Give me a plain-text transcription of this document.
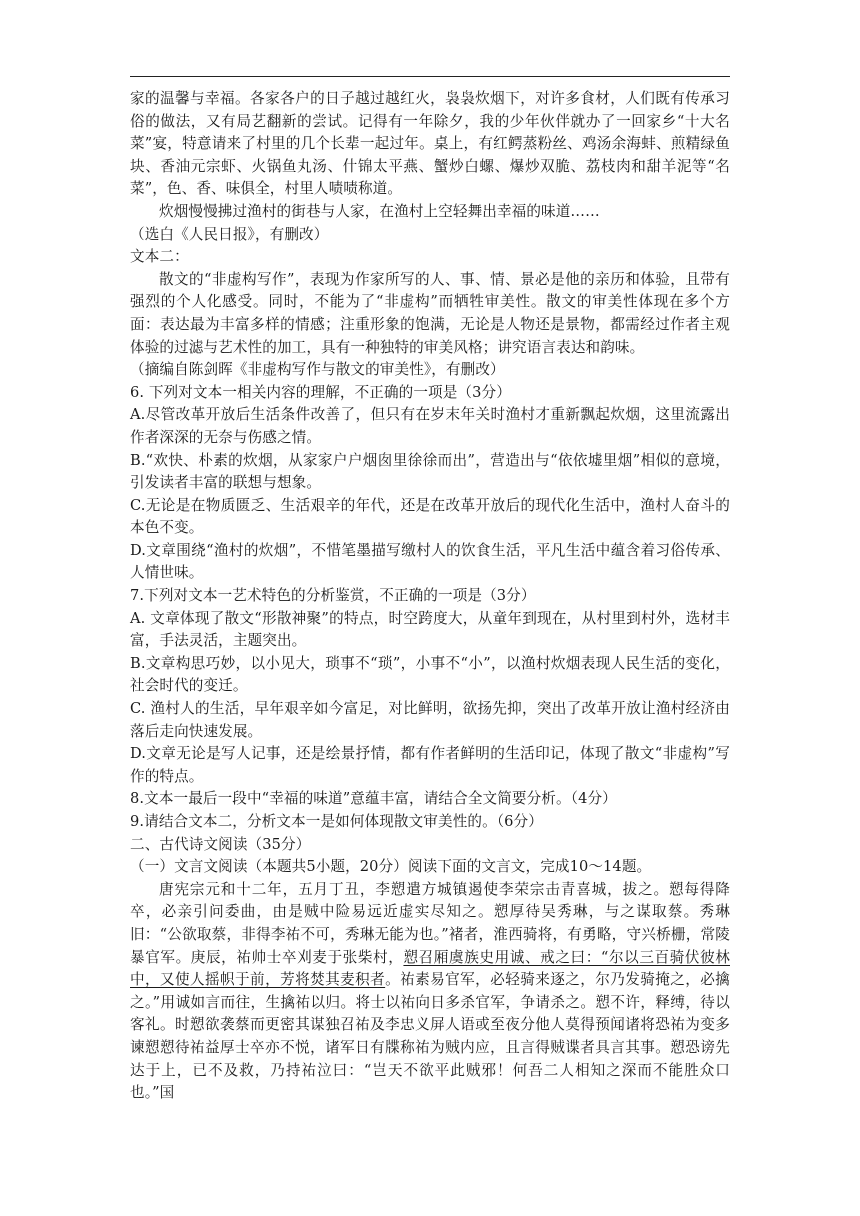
家的温馨与幸福。各家各户的日子越过越红火，袅袅炊烟下，对许多食材，人们既有传承习俗的做法，又有局艺翻新的尝试。记得有一年除夕，我的少年伙伴就办了一回家乡“十大名菜”宴，特意请来了村里的几个长辈一起过年。桌上，有红鳄蒸粉丝、鸡汤余海蚌、煎精绿鱼块、香油元宗虾、火锅鱼丸汤、什锦太平燕、蟹炒白螺、爆炒双脆、荔枝肉和甜羊泥等“名菜”，色、香、味俱全，村里人啧啧称道。

炊烟慢慢拂过渔村的街巷与人家，在渔村上空轻舞出幸福的味道……

（选白《人民日报》，有删改）

文本二：

散文的“非虚构写作”，表现为作家所写的人、事、情、景必是他的亲历和体验，且带有强烈的个人化感受。同时，不能为了“非虚构”而牺牲审美性。散文的审美性体现在多个方面：表达最为丰富多样的情感；注重形象的饱满，无论是人物还是景物，都需经过作者主观体验的过滤与艺术性的加工，具有一种独特的审美风格；讲究语言表达和韵味。

（摘编自陈剑晖《非虚构写作与散文的审美性》，有删改）

6. 下列对文本一相关内容的理解，不正确的一项是（3分）

A.尽管改革开放后生活条件改善了，但只有在岁末年关时渔村才重新飘起炊烟，这里流露出作者深深的无奈与伤感之情。

B.“欢快、朴素的炊烟，从家家户户烟囱里徐徐而出”，营造出与“依依墟里烟”相似的意境，引发读者丰富的联想与想象。

C.无论是在物质匮乏、生活艰辛的年代，还是在改革开放后的现代化生活中，渔村人奋斗的本色不变。

D.文章围绕“渔村的炊烟”，不惜笔墨描写缴村人的饮食生活，平凡生活中蕴含着习俗传承、人情世味。

7.下列对文本一艺术特色的分析鉴赏，不正确的一项是（3分）

A. 文章体现了散文“形散神聚”的特点，时空跨度大，从童年到现在，从村里到村外，选材丰富，手法灵活，主题突出。

B.文章构思巧妙，以小见大，琐事不“琐”，小事不“小”，以渔村炊烟表现人民生活的变化，社会时代的变迁。

C. 渔村人的生活，早年艰辛如今富足，对比鲜明，欲扬先抑，突出了改革开放让渔村经济由落后走向快速发展。

D.文章无论是写人记事，还是绘景抒情，都有作者鲜明的生活印记，体现了散文“非虚构”写作的特点。

8.文本一最后一段中“幸福的味道”意蕴丰富，请结合全文简要分析。（4分）

9.请结合文本二，分析文本一是如何体现散文审美性的。（6分）

二、古代诗文阅读（35分）

（一）文言文阅读（本题共5小题，20分）阅读下面的文言文，完成10～14题。

唐宪宗元和十二年，五月丁丑，李愬遣方城镇遏使李荣宗击青喜城，拔之。愬每得降卒，必亲引问委曲，由是贼中险易远近虚实尽知之。愬厚待吴秀琳，与之谋取蔡。秀琳旧：“公欲取蔡，非得李祐不可，秀琳无能为也。”褚者，淮西骑将，有勇略，守兴桥栅，常陵暴官军。庚辰，祐帅士卒刈麦于张柴村，愬召厢虞族史用诚、戒之曰：“尔以三百骑伏彼林中，又使人摇帜于前，芳将焚其麦积者。祐素易官军，必轻骑来逐之，尔乃发骑掩之，必擒之。”用诚如言而往，生擒祐以归。将士以祐向日多杀官军，争请杀之。愬不许，释缚，待以客礼。时愬欲袭蔡而更密其谋独召祐及李忠义屏人语或至夜分他人莫得预闻诸将恐祐为变多谏愬愬待祐益厚士卒亦不悦，诸军日有牒称祐为贼内应，且言得贼谍者具言其事。愬恐谤先达于上，已不及救，乃持祐泣曰：“岂天不欲平此贼邪！何吾二人相知之深而不能胜众口也。”国
